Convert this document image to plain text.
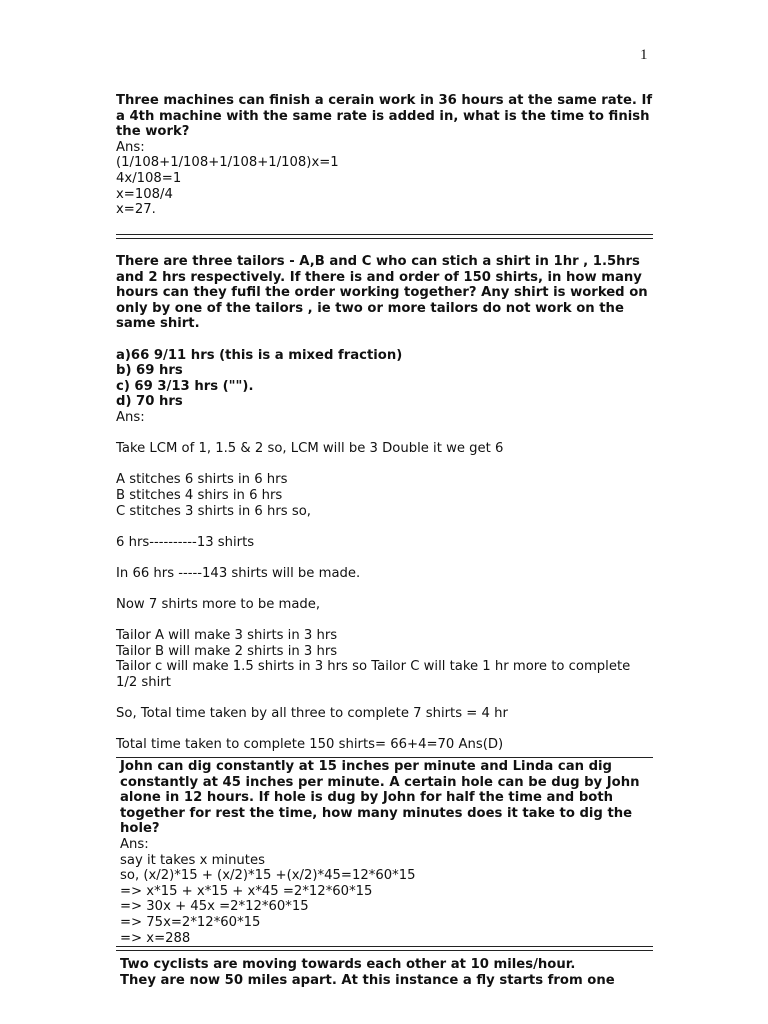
1
Three machines can finish a cerain work in 36 hours at the same rate. If
a 4th machine with the same rate is added in, what is the time to finish
the work?
Ans:
(1/108+1/108+1/108+1/108)x=1
4x/108=1
x=108/4
x=27.
There are three tailors - A,B and C who can stich a shirt in 1hr , 1.5hrs
and 2 hrs respectively. If there is and order of 150 shirts, in how many
hours can they fufil the order working together? Any shirt is worked on
only by one of the tailors , ie two or more tailors do not work on the
same shirt.
a)66 9/11 hrs (this is a mixed fraction)
b) 69 hrs
c) 69 3/13 hrs ("").
d) 70 hrs
Ans:
Take LCM of 1, 1.5 & 2 so, LCM will be 3 Double it we get 6
A stitches 6 shirts in 6 hrs
B stitches 4 shirs in 6 hrs
C stitches 3 shirts in 6 hrs so,
6 hrs----------13 shirts
In 66 hrs -----143 shirts will be made.
Now 7 shirts more to be made,
Tailor A will make 3 shirts in 3 hrs
Tailor B will make 2 shirts in 3 hrs
Tailor c will make 1.5 shirts in 3 hrs so Tailor C will take 1 hr more to complete
1/2 shirt
So, Total time taken by all three to complete 7 shirts = 4 hr
Total time taken to complete 150 shirts= 66+4=70 Ans(D)
John can dig constantly at 15 inches per minute and Linda can dig
constantly at 45 inches per minute. A certain hole can be dug by John
alone in 12 hours. If hole is dug by John for half the time and both
together for rest the time, how many minutes does it take to dig the
hole?
Ans:
say it takes x minutes
so, (x/2)*15 + (x/2)*15 +(x/2)*45=12*60*15
=> x*15 + x*15 + x*45 =2*12*60*15
=> 30x + 45x =2*12*60*15
=> 75x=2*12*60*15
=> x=288
Two cyclists are moving towards each other at 10 miles/hour.
They are now 50 miles apart. At this instance a fly starts from one
